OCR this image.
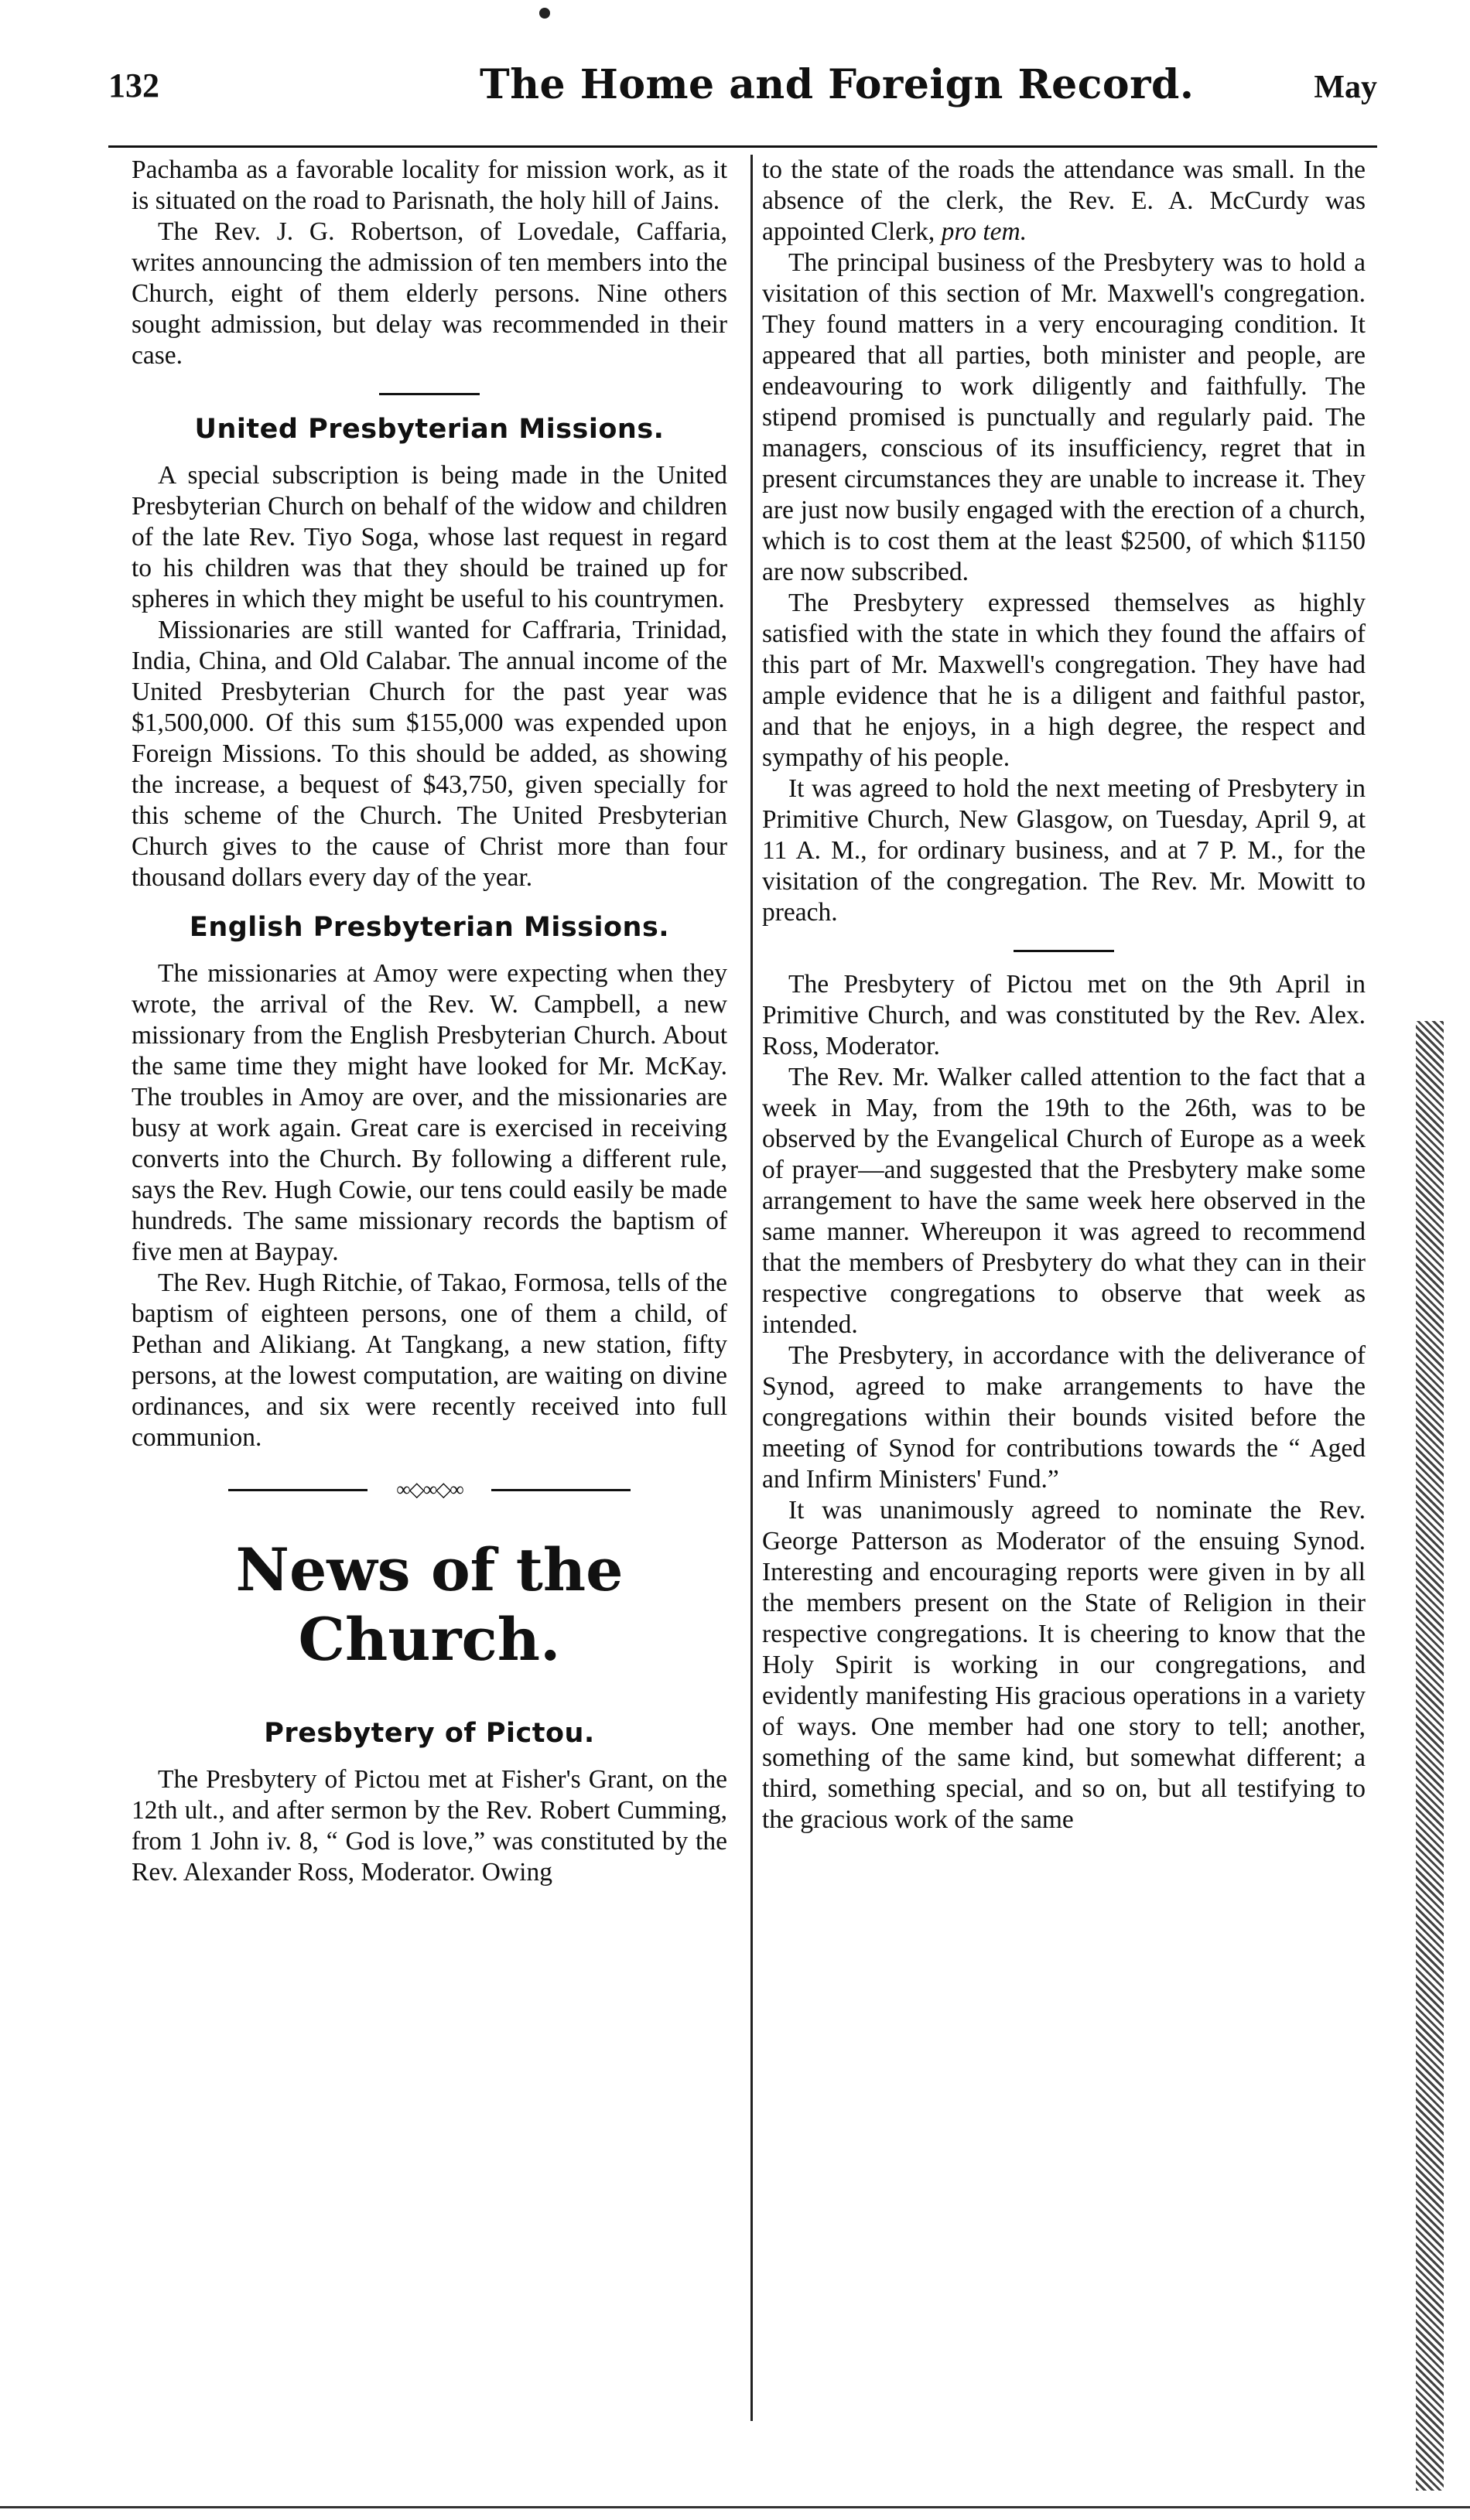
132	The Home and Foreign Record.	May

Pachamba as a favorable locality for mission work, as it is situated on the road to Parisnath, the holy hill of Jains.

The Rev. J. G. Robertson, of Lovedale, Caffaria, writes announcing the admission of ten members into the Church, eight of them elderly persons. Nine others sought admission, but delay was recommended in their case.

United Presbyterian Missions.

A special subscription is being made in the United Presbyterian Church on behalf of the widow and children of the late Rev. Tiyo Soga, whose last request in regard to his children was that they should be trained up for spheres in which they might be useful to his countrymen.

Missionaries are still wanted for Caffraria, Trinidad, India, China, and Old Calabar. The annual income of the United Presbyterian Church for the past year was $1,500,000. Of this sum $155,000 was expended upon Foreign Missions. To this should be added, as showing the increase, a bequest of $43,750, given specially for this scheme of the Church. The United Presbyterian Church gives to the cause of Christ more than four thousand dollars every day of the year.

English Presbyterian Missions.

The missionaries at Amoy were expecting when they wrote, the arrival of the Rev. W. Campbell, a new missionary from the English Presbyterian Church. About the same time they might have looked for Mr. McKay. The troubles in Amoy are over, and the missionaries are busy at work again. Great care is exercised in receiving converts into the Church. By following a different rule, says the Rev. Hugh Cowie, our tens could easily be made hundreds. The same missionary records the baptism of five men at Baypay.

The Rev. Hugh Ritchie, of Takao, Formosa, tells of the baptism of eighteen persons, one of them a child, of Pethan and Alikiang. At Tangkang, a new station, fifty persons, at the lowest computation, are waiting on divine ordinances, and six were recently received into full communion.

∞◇∞◇∞
News of the Church.
Presbytery of Pictou.

The Presbytery of Pictou met at Fisher's Grant, on the 12th ult., and after sermon by the Rev. Robert Cumming, from 1 John iv. 8, “ God is love,” was constituted by the Rev. Alexander Ross, Moderator. Owing

to the state of the roads the attendance was small. In the absence of the clerk, the Rev. E. A. McCurdy was appointed Clerk, pro tem.

The principal business of the Presbytery was to hold a visitation of this section of Mr. Maxwell's congregation. They found matters in a very encouraging condition. It appeared that all parties, both minister and people, are endeavouring to work diligently and faithfully. The stipend promised is punctually and regularly paid. The managers, conscious of its insufficiency, regret that in present circumstances they are unable to increase it. They are just now busily engaged with the erection of a church, which is to cost them at the least $2500, of which $1150 are now subscribed.

The Presbytery expressed themselves as highly satisfied with the state in which they found the affairs of this part of Mr. Maxwell's congregation. They have had ample evidence that he is a diligent and faithful pastor, and that he enjoys, in a high degree, the respect and sympathy of his people.

It was agreed to hold the next meeting of Presbytery in Primitive Church, New Glasgow, on Tuesday, April 9, at 11 A. M., for ordinary business, and at 7 P. M., for the visitation of the congregation. The Rev. Mr. Mowitt to preach.

The Presbytery of Pictou met on the 9th April in Primitive Church, and was constituted by the Rev. Alex. Ross, Moderator.

The Rev. Mr. Walker called attention to the fact that a week in May, from the 19th to the 26th, was to be observed by the Evangelical Church of Europe as a week of prayer—and suggested that the Presbytery make some arrangement to have the same week here observed in the same manner. Whereupon it was agreed to recommend that the members of Presbytery do what they can in their respective congregations to observe that week as intended.

The Presbytery, in accordance with the deliverance of Synod, agreed to make arrangements to have the congregations within their bounds visited before the meeting of Synod for contributions towards the “ Aged and Infirm Ministers' Fund.”

It was unanimously agreed to nominate the Rev. George Patterson as Moderator of the ensuing Synod. Interesting and encouraging reports were given in by all the members present on the State of Religion in their respective congregations. It is cheering to know that the Holy Spirit is working in our congregations, and evidently manifesting His gracious operations in a variety of ways. One member had one story to tell; another, something of the same kind, but somewhat different; a third, something special, and so on, but all testifying to the gracious work of the same
